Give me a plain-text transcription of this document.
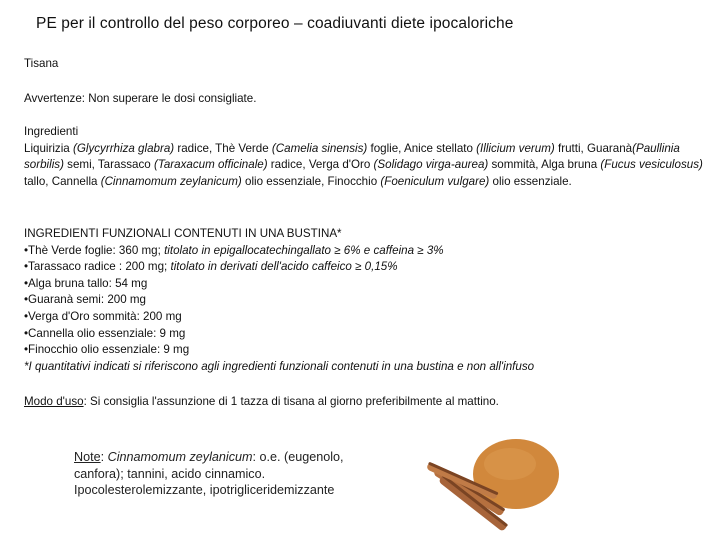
PE per il controllo del peso corporeo – coadiuvanti diete ipocaloriche
Tisana
Avvertenze: Non superare le dosi consigliate.
Ingredienti

Liquirizia (Glycyrrhiza glabra) radice, Thè Verde (Camelia sinensis) foglie, Anice stellato (Illicium verum) frutti, Guaranà(Paullinia sorbilis) semi, Tarassaco (Taraxacum officinale) radice, Verga d'Oro (Solidago virga-aurea) sommità, Alga bruna (Fucus vesiculosus) tallo, Cannella (Cinnamomum zeylanicum) olio essenziale, Finocchio (Foeniculum vulgare) olio essenziale.

INGREDIENTI FUNZIONALI CONTENUTI IN UNA BUSTINA*
•Thè Verde foglie: 360 mg; titolato in epigallocatechingallato ≥ 6% e caffeina ≥ 3%
•Tarassaco radice : 200 mg; titolato in derivati dell'acido caffeico ≥ 0,15%
•Alga bruna tallo: 54 mg
•Guaranà semi: 200 mg
•Verga d'Oro sommità: 200 mg
•Cannella olio essenziale: 9 mg
•Finocchio olio essenziale: 9 mg
*I quantitativi indicati si riferiscono agli ingredienti funzionali contenuti in una bustina e non all'infuso
Modo d'uso: Si consiglia l'assunzione di 1 tazza di tisana al giorno preferibilmente al mattino.
Note: Cinnamomum zeylanicum: o.e. (eugenolo, canfora); tannini, acido cinnamico. Ipocolesterolemizzante, ipotrigliceridemizzante
